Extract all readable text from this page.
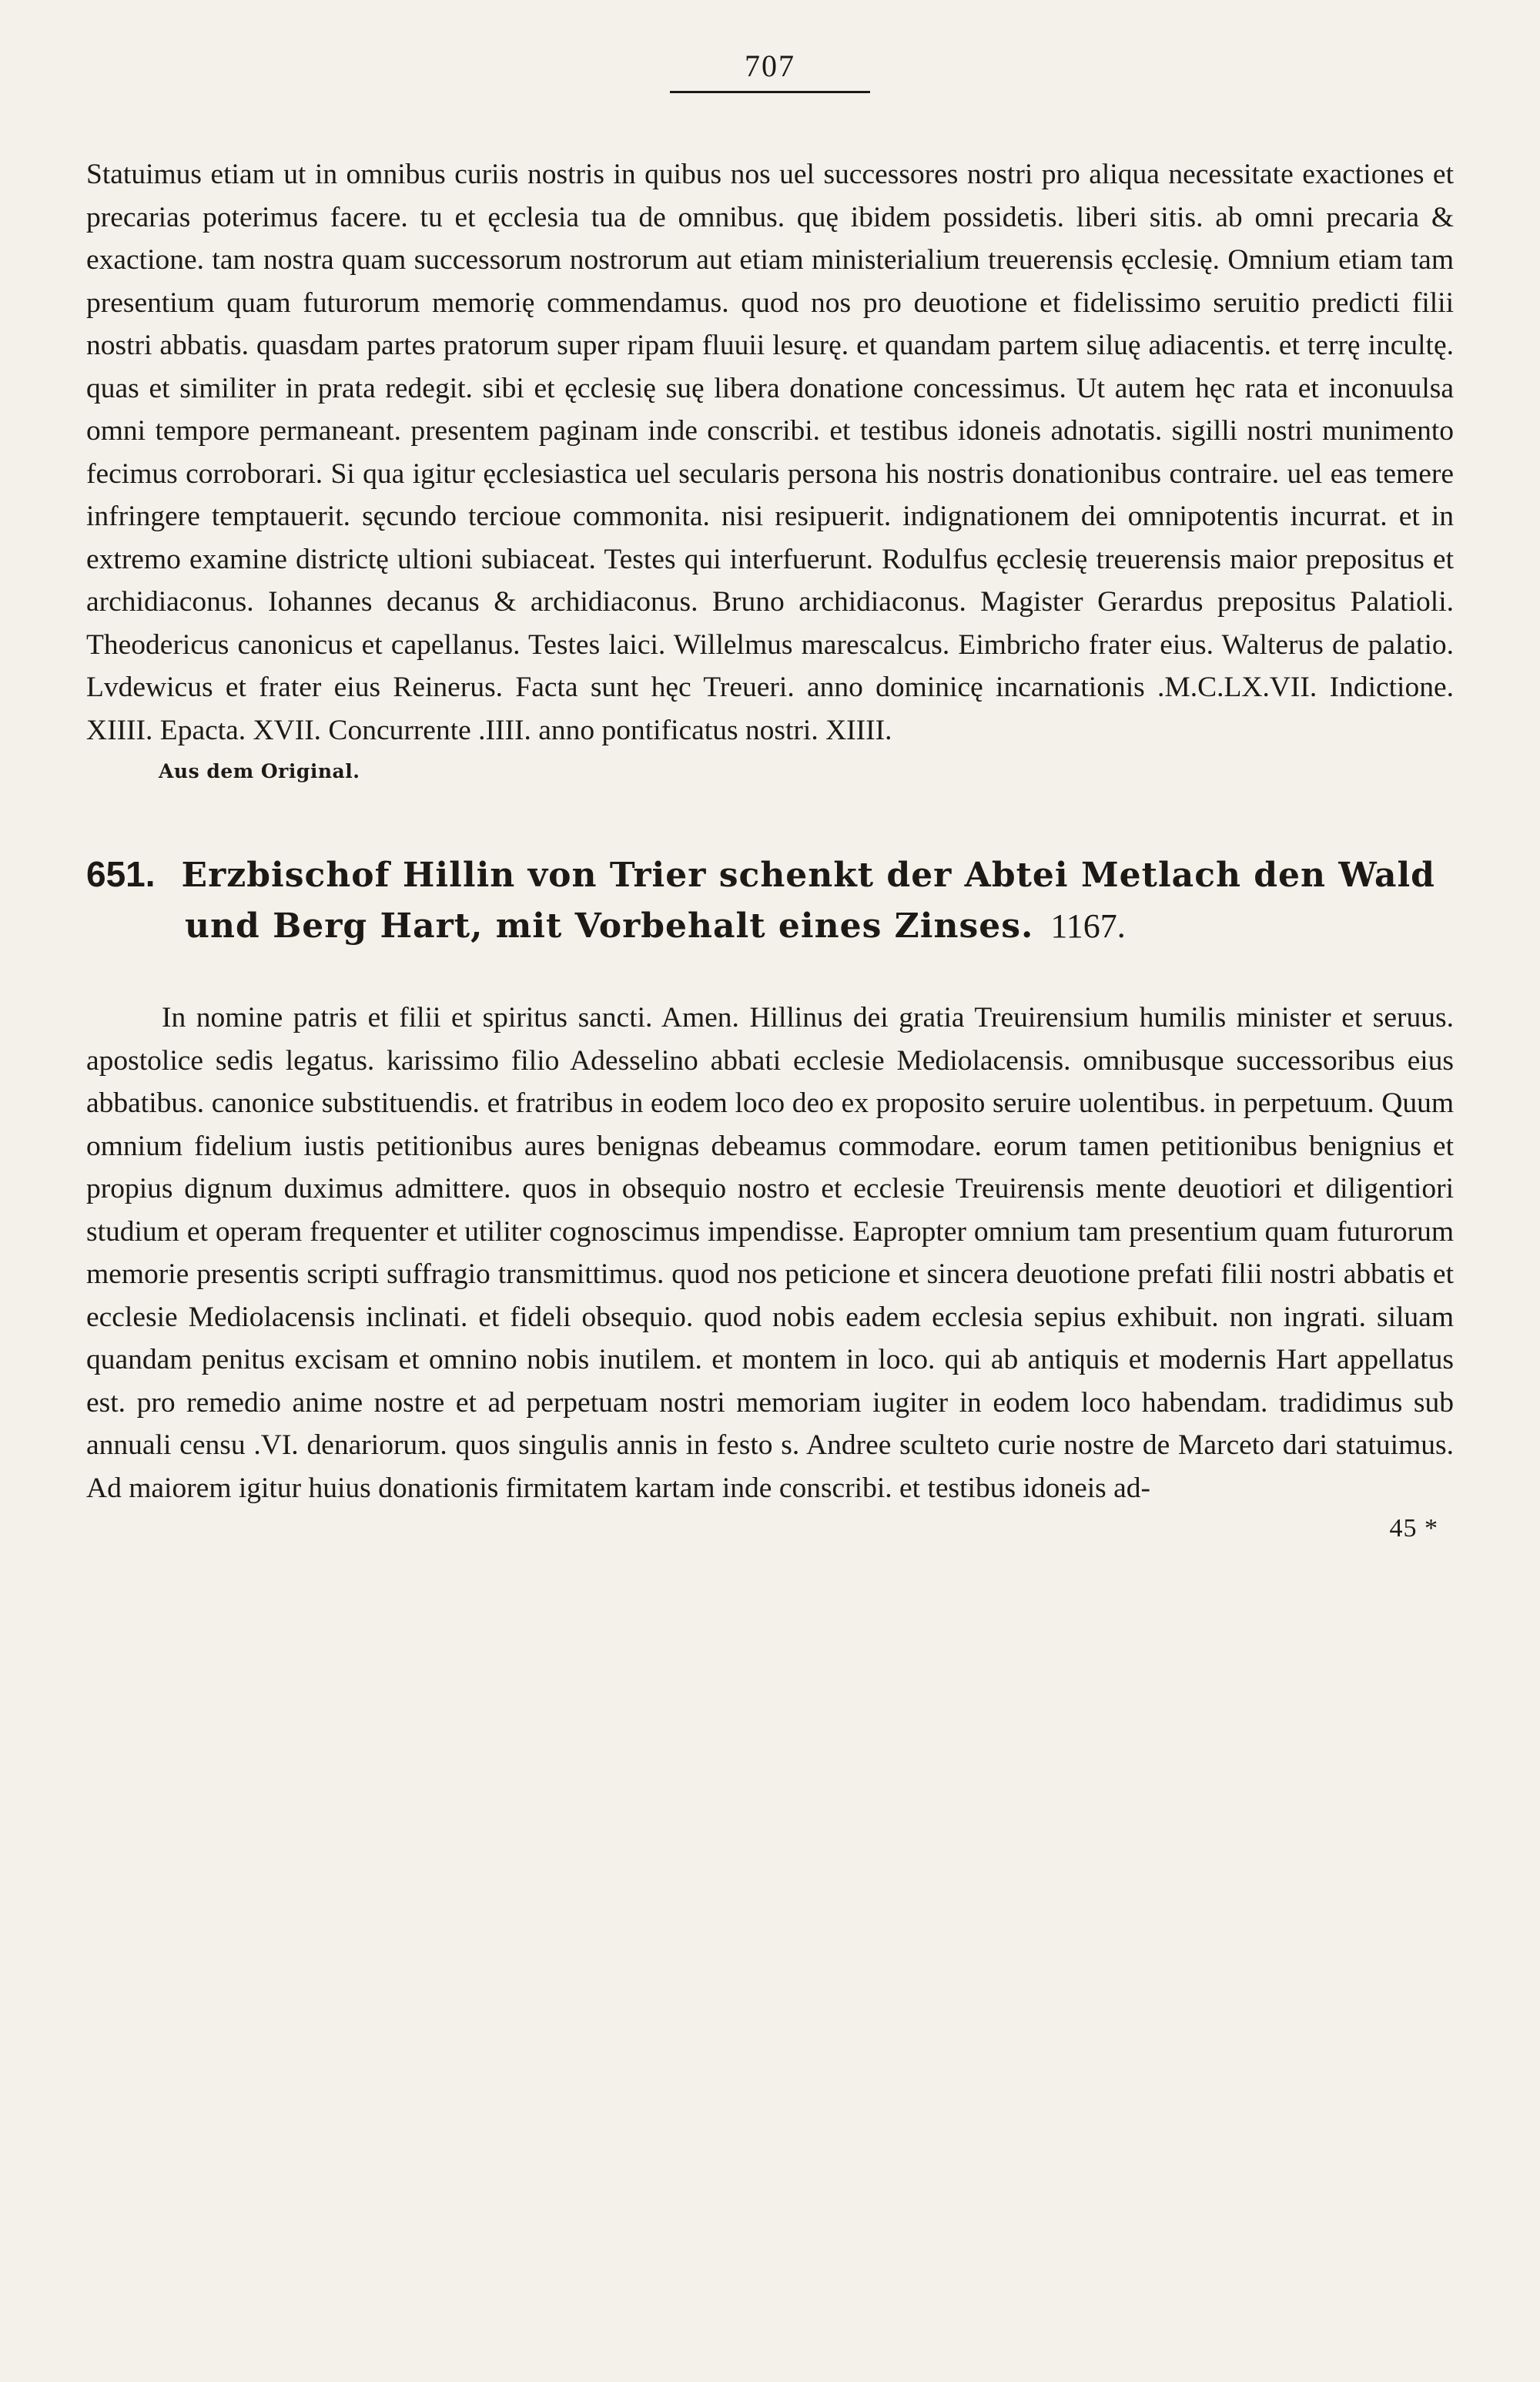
707

Statuimus etiam ut in omnibus curiis nostris in quibus nos uel successores nostri pro aliqua necessitate exactiones et precarias poterimus facere. tu et ęcclesia tua de omnibus. quę ibidem possidetis. liberi sitis. ab omni precaria & exactione. tam nostra quam successorum nostrorum aut etiam ministerialium treuerensis ęcclesię. Omnium etiam tam presentium quam futurorum memorię commendamus. quod nos pro deuotione et fidelissimo seruitio predicti filii nostri abbatis. quasdam partes pratorum super ripam fluuii lesurę. et quandam partem siluę adiacentis. et terrę incultę. quas et similiter in prata redegit. sibi et ęcclesię suę libera donatione concessimus. Ut autem hęc rata et inconuulsa omni tempore permaneant. presentem paginam inde conscribi. et testibus idoneis adnotatis. sigilli nostri munimento fecimus corroborari. Si qua igitur ęcclesiastica uel secularis persona his nostris donationibus contraire. uel eas temere infringere temptauerit. sęcundo tercioue commonita. nisi resipuerit. indignationem dei omnipotentis incurrat. et in extremo examine districtę ultioni subiaceat. Testes qui interfuerunt. Rodulfus ęcclesię treuerensis maior prepositus et archidiaconus. Iohannes decanus & archidiaconus. Bruno archidiaconus. Magister Gerardus prepositus Palatioli. Theodericus canonicus et capellanus. Testes laici. Willelmus marescalcus. Eimbricho frater eius. Walterus de palatio. Lvdewicus et frater eius Reinerus. Facta sunt hęc Treueri. anno dominicę incarnationis .M.C.LX.VII. Indictione. XIIII. Epacta. XVII. Concurrente .IIII. anno pontificatus nostri. XIIII.

Aus dem Original.
651. Erzbischof Hillin von Trier schenkt der Abtei Metlach den Wald
und Berg Hart, mit Vorbehalt eines Zinses. 1167.

In nomine patris et filii et spiritus sancti. Amen. Hillinus dei gratia Treuirensium humilis minister et seruus. apostolice sedis legatus. karissimo filio Adesselino abbati ecclesie Mediolacensis. omnibusque successoribus eius abbatibus. canonice substituendis. et fratribus in eodem loco deo ex proposito seruire uolentibus. in perpetuum. Quum omnium fidelium iustis petitionibus aures benignas debeamus commodare. eorum tamen petitionibus benignius et propius dignum duximus admittere. quos in obsequio nostro et ecclesie Treuirensis mente deuotiori et diligentiori studium et operam frequenter et utiliter cognoscimus impendisse. Eapropter omnium tam presentium quam futurorum memorie presentis scripti suffragio transmittimus. quod nos peticione et sincera deuotione prefati filii nostri abbatis et ecclesie Mediolacensis inclinati. et fideli obsequio. quod nobis eadem ecclesia sepius exhibuit. non ingrati. siluam quandam penitus excisam et omnino nobis inutilem. et montem in loco. qui ab antiquis et modernis Hart appellatus est. pro remedio anime nostre et ad perpetuam nostri memoriam iugiter in eodem loco habendam. tradidimus sub annuali censu .VI. denariorum. quos singulis annis in festo s. Andree sculteto curie nostre de Marceto dari statuimus. Ad maiorem igitur huius donationis firmitatem kartam inde conscribi. et testibus idoneis ad-

45 *
